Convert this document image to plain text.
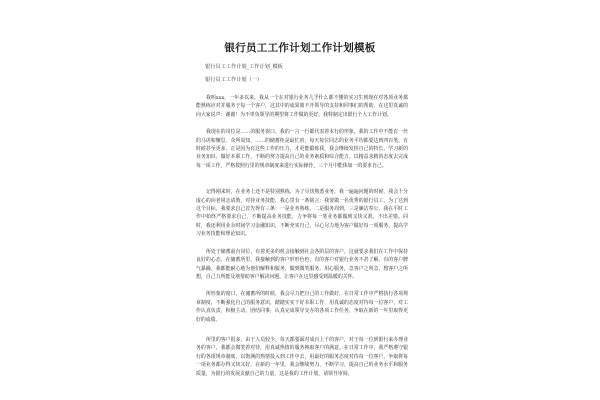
银行员工工作计划工作计划模板
银行员工工作计划_工作计划_模板
银行员工工作计划（一）

我叫xxx，一年多以来，我从一个在对银行业务几乎什么都不懂的实习生到现在对各项业务都能熟练应对并服务于每一个客户，这其中的成果离不开领导的支持和同事们的帮助，在这里真诚的向大家说声：谢谢！为不辜负领导的期望将工作做的更好，我特制定出银行个人工作计划。

我现在的岗位是……的服务窗口，我的一言一行都代表着本行的形象，我的工作中不能有一丝的马虎和懈怠，众所周知，……的储蓄柜是最忙的，每天每位同志的业务平均都要达到四百笔，有时候甚至更多，正是因为有这些工作的压力，才更能锻炼我，我会继续发挥自己的特长，学习新的业务知识，做好本职工作，不断的努力提高自己的业务素质和综合能力。以精益求精的态度去完成每一项工作，严格按照行里的规章制度来进行实际操作。三个月中能体如一的要求自己。

记得刚来时，在业务上还不是特别熟练，为了尽快熟悉业务，我一遍遍问题的时候，我会十分虚心的向老同志请教，对待业务技能，我心里有一条铭言：我要做一名优秀的银行员工，为了达到这个目标，我要求自己首先得有三条：一是业务熟练，二是服务周到，三是廉洁奉公，我在平时工作中始终严格要求自己，不断提高业务技能，力争将每一笔业务都做到又快又准，不出差错。同时，我还利用业余时间学习金融知识，不断充实自己，尽心尽力地为客户做好每一项服务，提高学习业务技能和理论知识。

所处于储蓄前台岗位，有着更多的机会接触到社会各阶层的客户，这就要求我们在工作中保持良好的心态，在储蓄所里，我接触到的客户形形色色，有的客户对银行业务不甚了解，有的客户脾气暴躁，我都能耐心地为他们解释和服务，做到微笑服务，用心服务，急客户之所急，想客户之所想，自己力所能及地帮助客户解决问题，让客户在这里感受到温暖的关怀。

所形象的窗口，在储蓄所的时候，我会尽力把自己的工作做好，在日常工作中严格执行各项规章制度，不断强化自己的服务意识，踏踏实实干好本职工作，用真诚的态度对待每一位客户，对工作认真负责，积极主动，团结同事，认真完成领导交办的各项工作任务，争取在新的一年里取得更好的成绩。

所里的客户很多，由于人员较少，每天都要面对成百上千的客户，对于每一位到银行来办理业务的客户，我都会微笑着对待，用真诚热情的服务换取客户的满意。在日常工作中，我严格遵守银行的各项规章制度，以饱满的热情投入到工作中去，用最好的服务态度对待每一位客户，争取将每一项业务都办得又快又好，在新的一年里，我会继续努力，不断学习，提高自己的业务水平和服务质量，为银行的发展贡献自己的力量，这是我的工作计划，请领导审阅。
